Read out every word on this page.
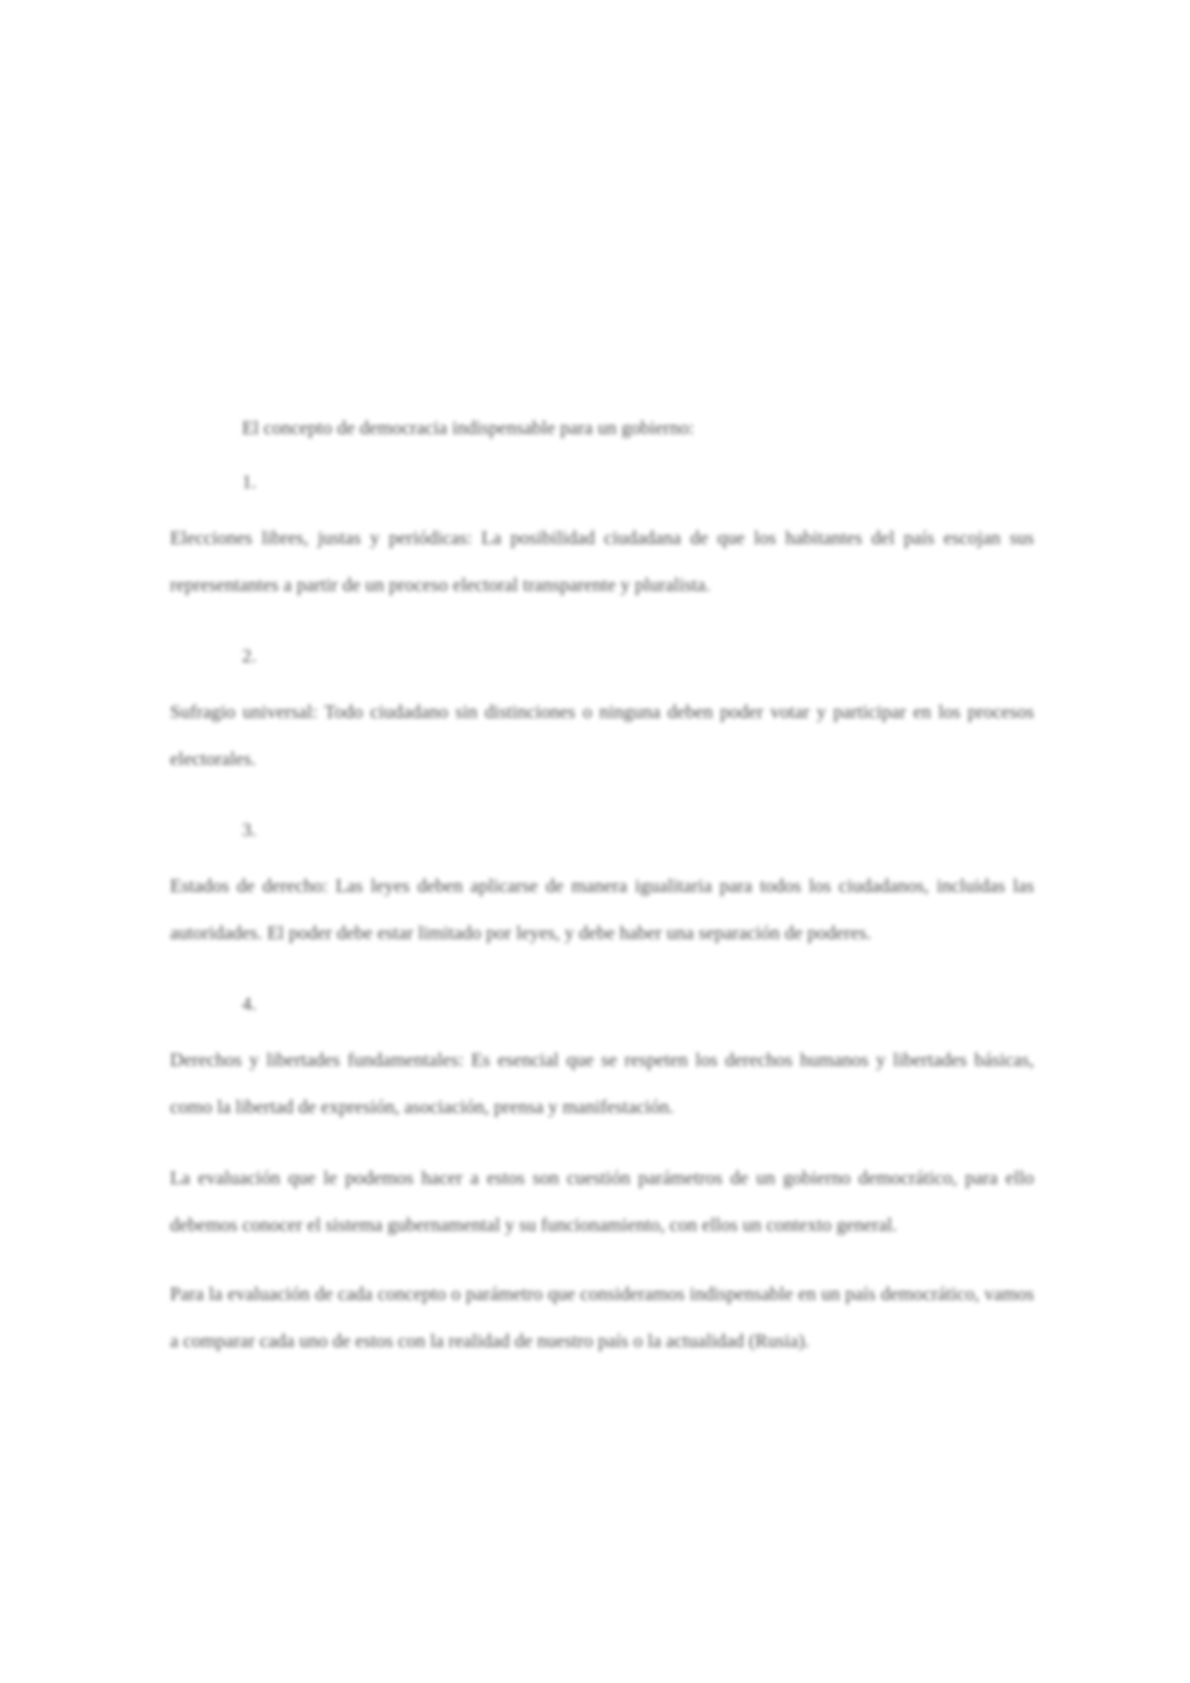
El concepto de democracia indispensable para un gobierno:

1.

Elecciones libres, justas y periódicas: La posibilidad ciudadana de que los habitantes del país escojan sus representantes a partir de un proceso electoral transparente y pluralista.

2.

Sufragio universal: Todo ciudadano sin distinciones o ninguna deben poder votar y participar en los procesos electorales.

3.

Estados de derecho: Las leyes deben aplicarse de manera igualitaria para todos los ciudadanos, incluidas las autoridades. El poder debe estar limitado por leyes, y debe haber una separación de poderes.

4.

Derechos y libertades fundamentales: Es esencial que se respeten los derechos humanos y libertades básicas, como la libertad de expresión, asociación, prensa y manifestación.

La evaluación que le podemos hacer a estos son cuestión parámetros de un gobierno democrático, para ello debemos conocer el sistema gubernamental y su funcionamiento, con ellos un contexto general.

Para la evaluación de cada concepto o parámetro que consideramos indispensable en un país democrático, vamos a comparar cada uno de estos con la realidad de nuestro país o la actualidad (Rusia).
